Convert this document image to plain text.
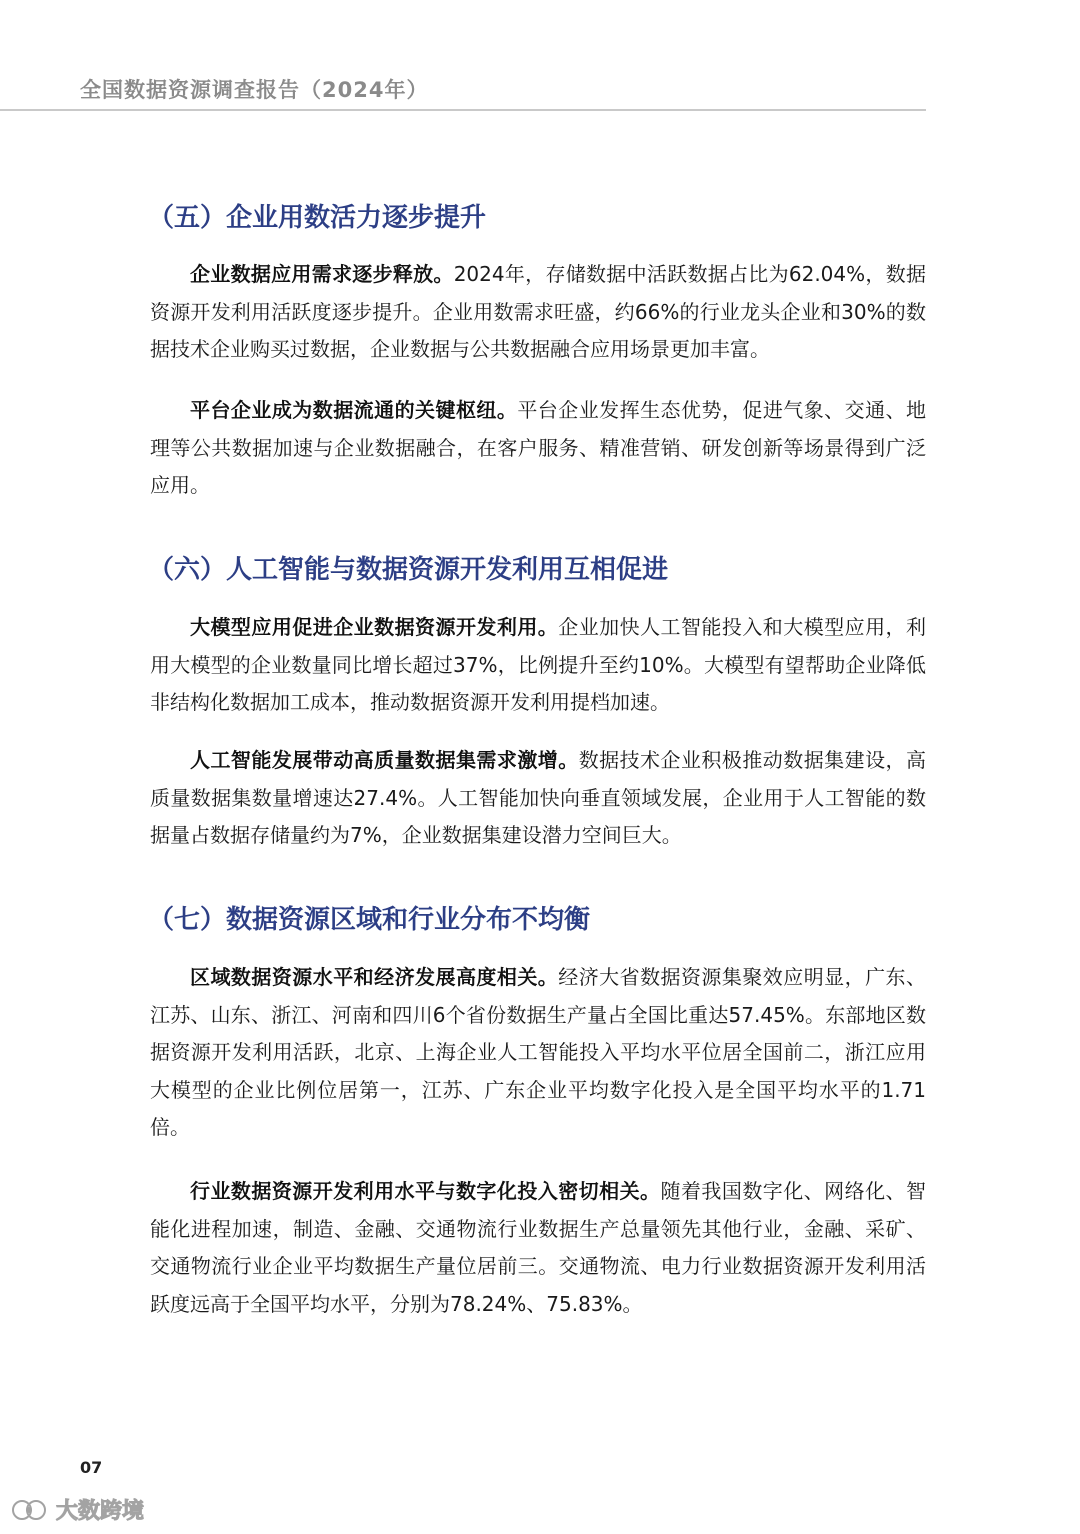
全国数据资源调查报告（2024年）
（五）企业用数活力逐步提升

企业数据应用需求逐步释放。2024年，存储数据中活跃数据占比为62.04%，数据资源开发利用活跃度逐步提升。企业用数需求旺盛，约66%的行业龙头企业和30%的数据技术企业购买过数据，企业数据与公共数据融合应用场景更加丰富。

平台企业成为数据流通的关键枢纽。平台企业发挥生态优势，促进气象、交通、地理等公共数据加速与企业数据融合，在客户服务、精准营销、研发创新等场景得到广泛应用。

（六）人工智能与数据资源开发利用互相促进

大模型应用促进企业数据资源开发利用。企业加快人工智能投入和大模型应用，利用大模型的企业数量同比增长超过37%，比例提升至约10%。大模型有望帮助企业降低非结构化数据加工成本，推动数据资源开发利用提档加速。

人工智能发展带动高质量数据集需求激增。数据技术企业积极推动数据集建设，高质量数据集数量增速达27.4%。人工智能加快向垂直领域发展，企业用于人工智能的数据量占数据存储量约为7%，企业数据集建设潜力空间巨大。

（七）数据资源区域和行业分布不均衡

区域数据资源水平和经济发展高度相关。经济大省数据资源集聚效应明显，广东、江苏、山东、浙江、河南和四川6个省份数据生产量占全国比重达57.45%。东部地区数据资源开发利用活跃，北京、上海企业人工智能投入平均水平位居全国前二，浙江应用大模型的企业比例位居第一，江苏、广东企业平均数字化投入是全国平均水平的1.71倍。

行业数据资源开发利用水平与数字化投入密切相关。随着我国数字化、网络化、智能化进程加速，制造、金融、交通物流行业数据生产总量领先其他行业，金融、采矿、交通物流行业企业平均数据生产量位居前三。交通物流、电力行业数据资源开发利用活跃度远高于全国平均水平，分别为78.24%、75.83%。

07
大数跨境
